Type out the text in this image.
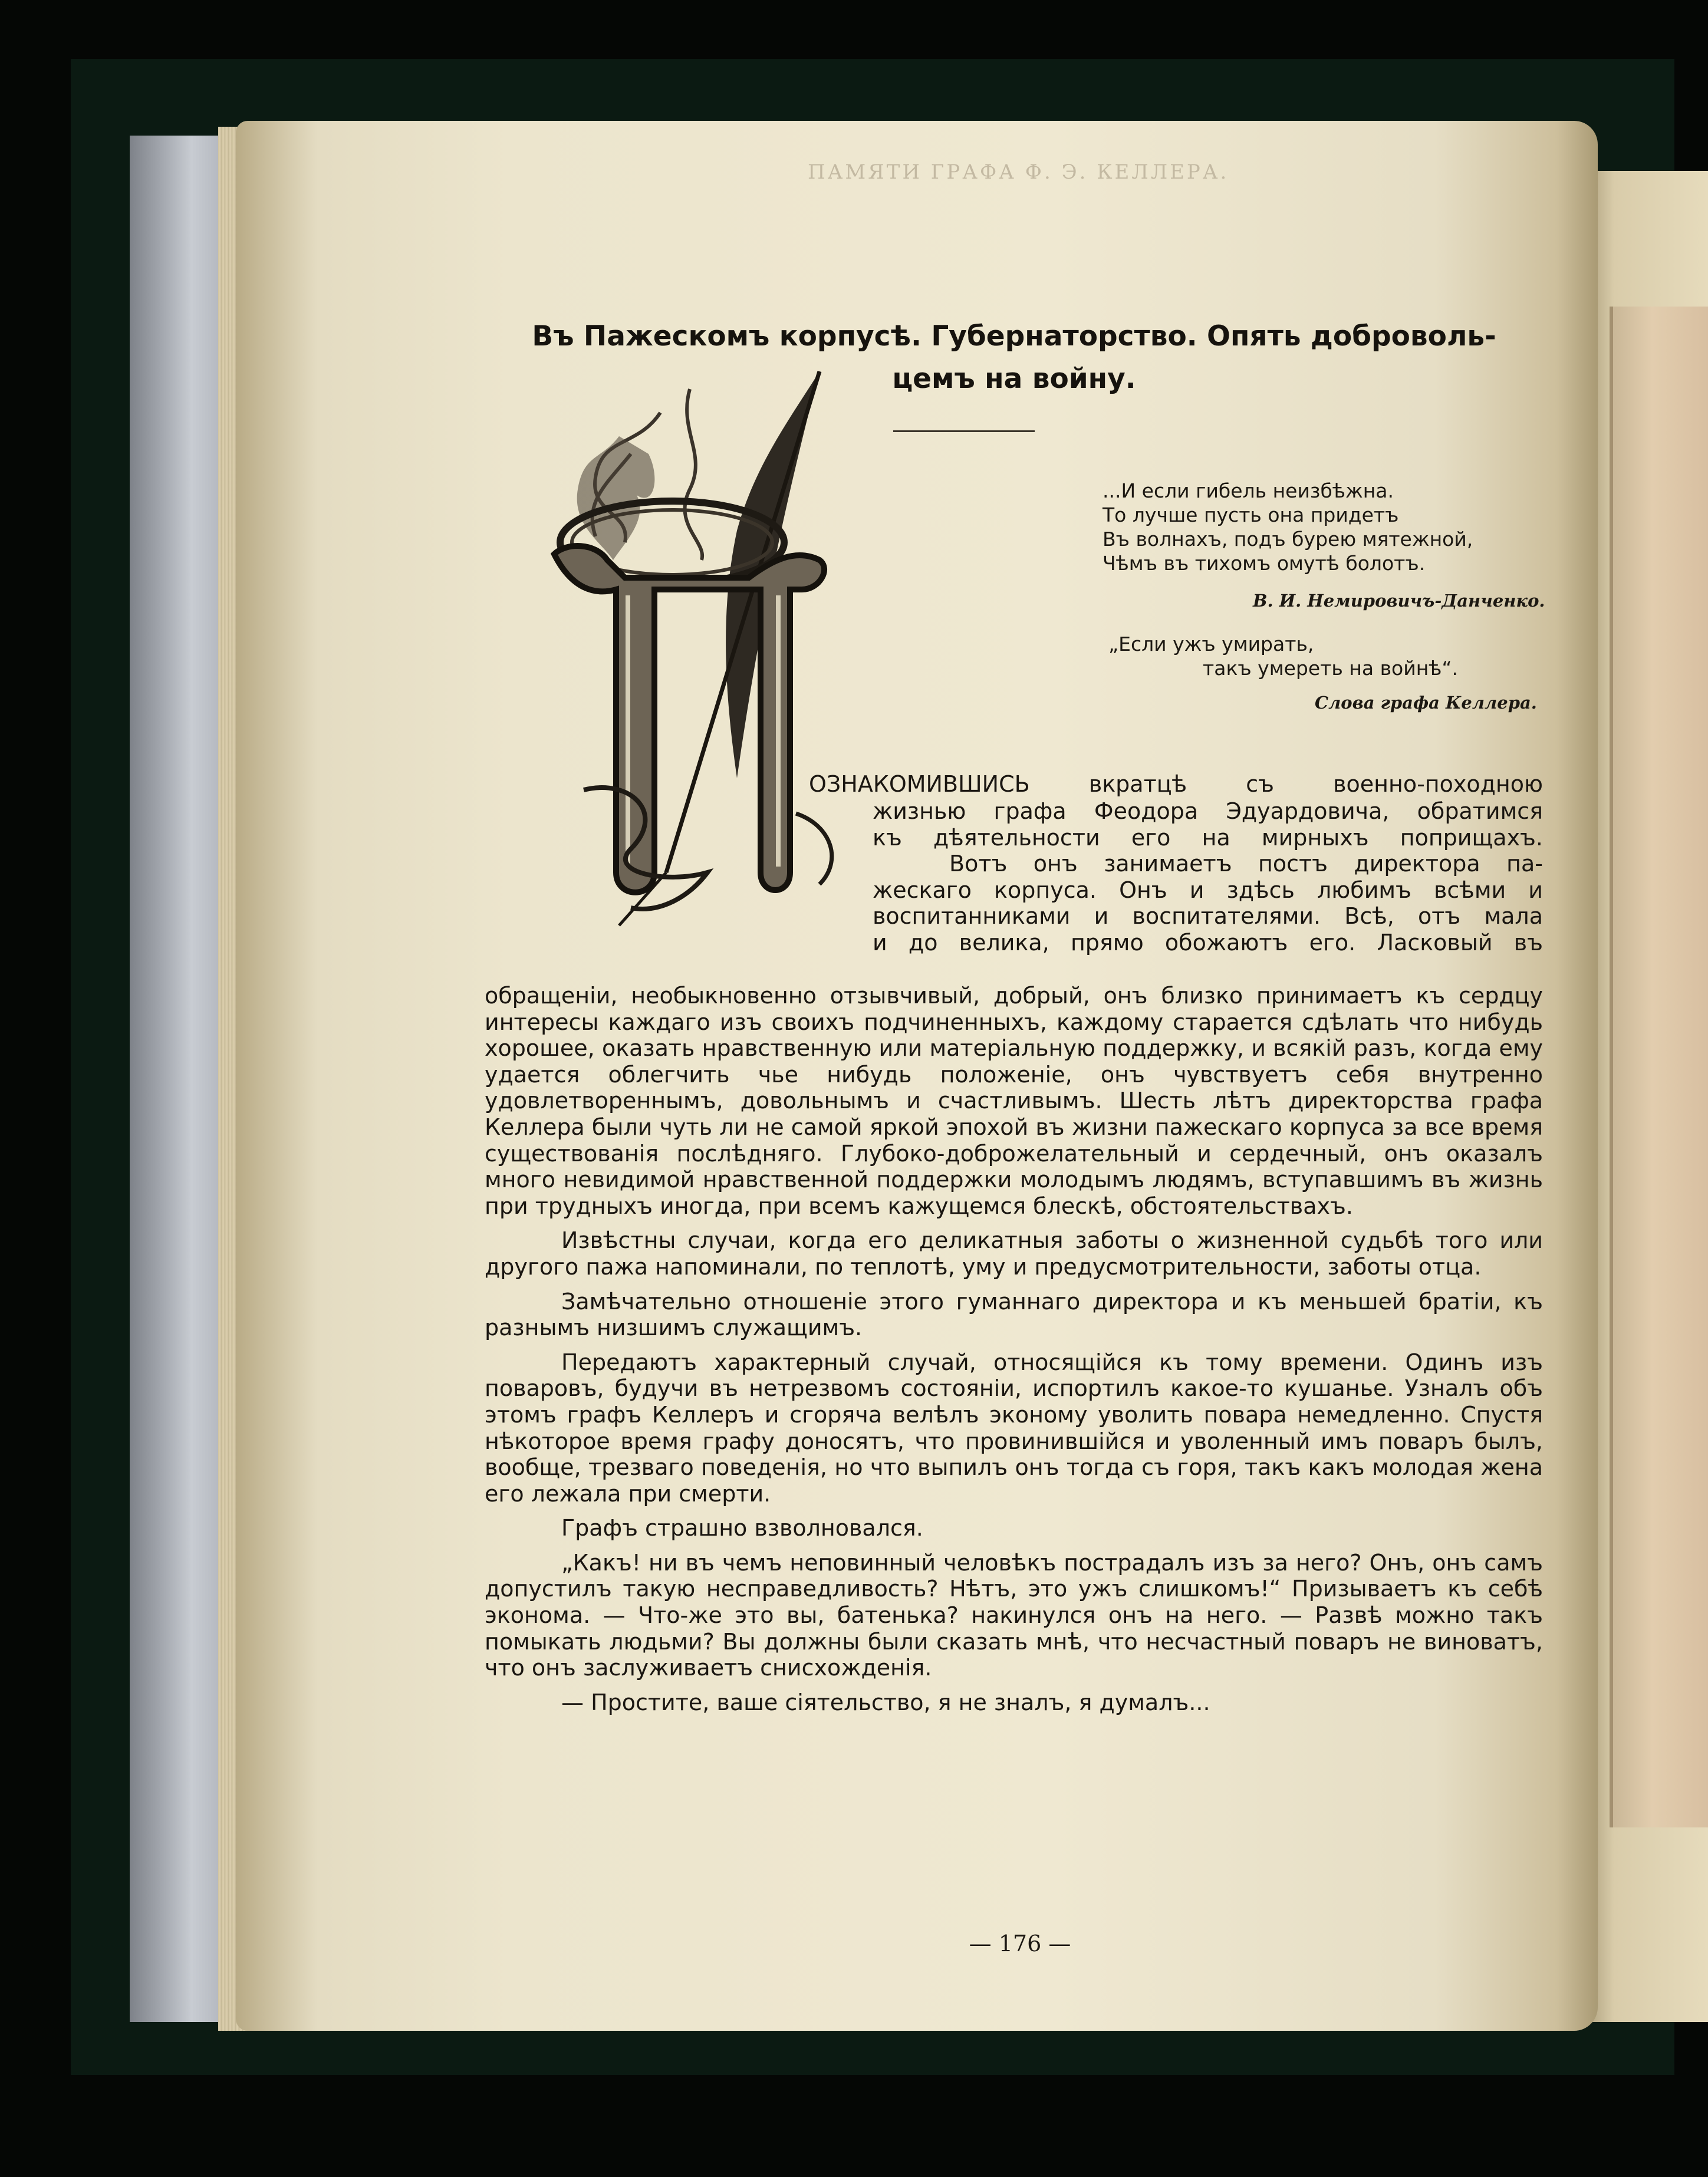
ПАМЯТИ ГРАФА Ф. Э. КЕЛЛЕРА.
Въ Пажескомъ корпусѣ. Губернаторство. Опять доброволь-
цемъ на войну.
...И если гибель неизбѣжна.
То лучше пусть она придетъ
Въ волнахъ, подъ бурею мятежной,
Чѣмъ въ тихомъ омутѣ болотъ.
В. И. Немировичъ-Данченко.
„Если ужъ умирать,
такъ умереть на войнѣ“.
Слова графа Келлера.
ОЗНАКОМИВШИСЬ вкратцѣ съ военно-походною
жизнью графа Феодора Эдуардовича, обратимся
къ дѣятельности его на мирныхъ поприщахъ.
Вотъ онъ занимаетъ постъ директора па-
жескаго корпуса. Онъ и здѣсь любимъ всѣми и
воспитанниками и воспитателями. Всѣ, отъ мала
и до велика, прямо обожаютъ его. Ласковый въ

обращеніи, необыкновенно отзывчивый, добрый, онъ близко принимаетъ къ сердцу интересы каждаго изъ своихъ подчиненныхъ, каждому старается сдѣлать что нибудь хорошее, оказать нравственную или матеріальную поддержку, и всякій разъ, когда ему удается облегчить чье нибудь положеніе, онъ чувствуетъ себя внутренно удовлетвореннымъ, довольнымъ и счастливымъ. Шесть лѣтъ директорства графа Келлера были чуть ли не самой яркой эпохой въ жизни пажескаго корпуса за все время существованія послѣдняго. Глубоко-доброжелательный и сердечный, онъ оказалъ много невидимой нравственной поддержки молодымъ людямъ, вступавшимъ въ жизнь при трудныхъ иногда, при всемъ кажущемся блескѣ, обстоятельствахъ.

Извѣстны случаи, когда его деликатныя заботы о жизненной судьбѣ того или другого пажа напоминали, по теплотѣ, уму и предусмотрительности, заботы отца.

Замѣчательно отношеніе этого гуманнаго директора и къ меньшей братіи, къ разнымъ низшимъ служащимъ.

Передаютъ характерный случай, относящійся къ тому времени. Одинъ изъ поваровъ, будучи въ нетрезвомъ состояніи, испортилъ какое-то кушанье. Узналъ объ этомъ графъ Келлеръ и сгоряча велѣлъ эконому уволить повара немедленно. Спустя нѣкоторое время графу доносятъ, что провинившійся и уволенный имъ поваръ былъ, вообще, трезваго поведенія, но что выпилъ онъ тогда съ горя, такъ какъ молодая жена его лежала при смерти.

Графъ страшно взволновался.

„Какъ! ни въ чемъ неповинный человѣкъ пострадалъ изъ за него? Онъ, онъ самъ допустилъ такую несправедливость? Нѣтъ, это ужъ слишкомъ!“ Призываетъ къ себѣ эконома. — Что-же это вы, батенька? накинулся онъ на него. — Развѣ можно такъ помыкать людьми? Вы должны были сказать мнѣ, что несчастный поваръ не виноватъ, что онъ заслуживаетъ снисхожденія.

— Простите, ваше сіятельство, я не зналъ, я думалъ...

— 176 —
